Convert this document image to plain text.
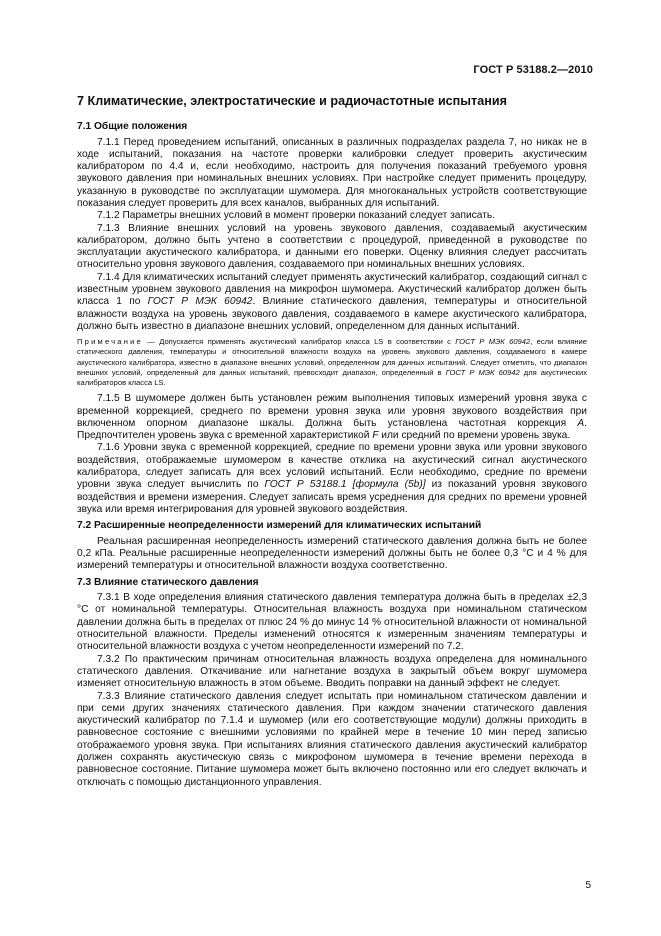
ГОСТ Р 53188.2—2010
7 Климатические, электростатические и радиочастотные испытания
7.1 Общие положения

7.1.1 Перед проведением испытаний, описанных в различных подразделах раздела 7, но никак не в ходе испытаний, показания на частоте проверки калибровки следует проверить акустическим калибратором по 4.4 и, если необходимо, настроить для получения показаний требуемого уровня звукового давления при номинальных внешних условиях. При настройке следует применить процедуру, указанную в руководстве по эксплуатации шумомера. Для многоканальных устройств соответствующие показания следует проверить для всех каналов, выбранных для испытаний.

7.1.2 Параметры внешних условий в момент проверки показаний следует записать.

7.1.3 Влияние внешних условий на уровень звукового давления, создаваемый акустическим калибратором, должно быть учтено в соответствии с процедурой, приведенной в руководстве по эксплуатации акустического калибратора, и данными его поверки. Оценку влияния следует рассчитать относительно уровня звукового давления, создаваемого при номинальных внешних условиях.

7.1.4 Для климатических испытаний следует применять акустический калибратор, создающий сигнал с известным уровнем звукового давления на микрофон шумомера. Акустический калибратор должен быть класса 1 по ГОСТ Р МЭК 60942. Влияние статического давления, температуры и относительной влажности воздуха на уровень звукового давления, создаваемого в камере акустического калибратора, должно быть известно в диапазоне внешних условий, определенном для данных испытаний.

Примечание — Допускается применять акустический калибратор класса LS в соответствии с ГОСТ Р МЭК 60942, если влияние статического давления, температуры и относительной влажности воздуха на уровень звукового давления, создаваемого в камере акустического калибратора, известно в диапазоне внешних условий, определенном для данных испытаний. Следует отметить, что диапазон внешних условий, определенный для данных испытаний, превосходит диапазон, определенный в ГОСТ Р МЭК 60942 для акустических калибраторов класса LS.

7.1.5 В шумомере должен быть установлен режим выполнения типовых измерений уровня звука с временной коррекцией, среднего по времени уровня звука или уровня звукового воздействия при включенном опорном диапазоне шкалы. Должна быть установлена частотная коррекция A. Предпочтителен уровень звука с временной характеристикой F или средний по времени уровень звука.

7.1.6 Уровни звука с временной коррекцией, средние по времени уровни звука или уровни звукового воздействия, отображаемые шумомером в качестве отклика на акустический сигнал акустического калибратора, следует записать для всех условий испытаний. Если необходимо, средние по времени уровни звука следует вычислить по ГОСТ Р 53188.1 [формула (5b)] из показаний уровня звукового воздействия и времени измерения. Следует записать время усреднения для средних по времени уровней звука или время интегрирования для уровней звукового воздействия.

7.2 Расширенные неопределенности измерений для климатических испытаний

Реальная расширенная неопределенность измерений статического давления должна быть не более 0,2 кПа. Реальные расширенные неопределенности измерений должны быть не более 0,3 °С и 4 % для измерений температуры и относительной влажности воздуха соответственно.

7.3 Влияние статического давления

7.3.1 В ходе определения влияния статического давления температура должна быть в пределах ±2,3 °С от номинальной температуры. Относительная влажность воздуха при номинальном статическом давлении должна быть в пределах от плюс 24 % до минус 14 % относительной влажности от номинальной относительной влажности. Пределы изменений относятся к измеренным значениям температуры и относительной влажности воздуха с учетом неопределенности измерений по 7.2.

7.3.2 По практическим причинам относительная влажность воздуха определена для номинального статического давления. Откачивание или нагнетание воздуха в закрытый объем вокруг шумомера изменяет относительную влажность в этом объеме. Вводить поправки на данный эффект не следует.

7.3.3 Влияние статического давления следует испытать при номинальном статическом давлении и при семи других значениях статического давления. При каждом значении статического давления акустический калибратор по 7.1.4 и шумомер (или его соответствующие модули) должны приходить в равновесное состояние с внешними условиями по крайней мере в течение 10 мин перед записью отображаемого уровня звука. При испытаниях влияния статического давления акустический калибратор должен сохранять акустическую связь с микрофоном шумомера в течение времени перехода в равновесное состояние. Питание шумомера может быть включено постоянно или его следует включать и отключать с помощью дистанционного управления.

5
